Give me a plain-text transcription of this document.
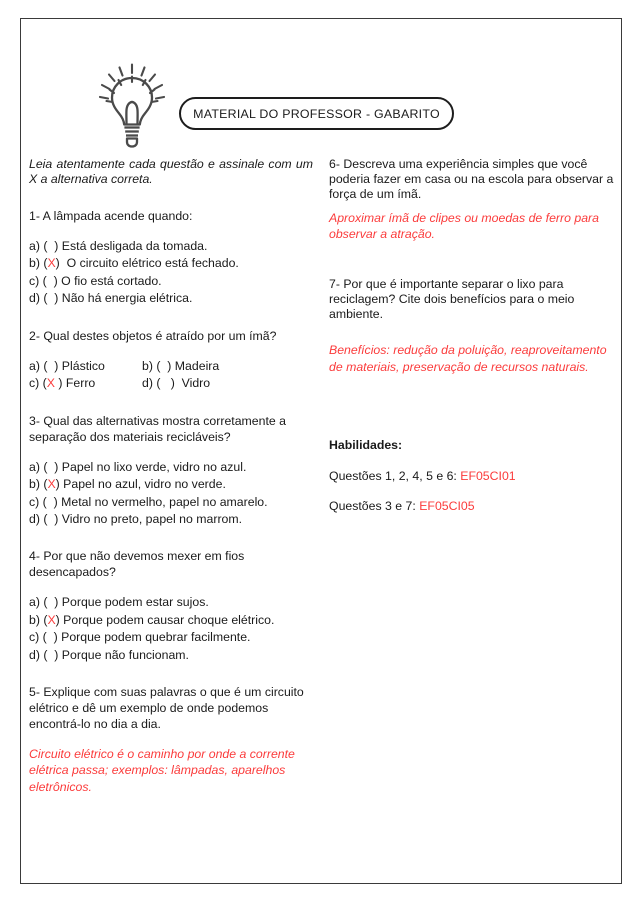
MATERIAL DO PROFESSOR - GABARITO

Leia atentamente cada questão e assinale com um X a alternativa correta.

1- A lâmpada acende quando:

a) ( ) Está desligada da tomada.
b) (X)  O circuito elétrico está fechado.
c) ( ) O fio está cortado.
d) ( ) Não há energia elétrica.

2- Qual destes objetos é atraído por um ímã?

a) ( ) Plástico	b) ( ) Madeira
c) (X ) Ferro	d) ( )  Vidro

3- Qual das alternativas mostra corretamente a separação dos materiais recicláveis?

a) ( ) Papel no lixo verde, vidro no azul.
b) (X) Papel no azul, vidro no verde.
c) ( ) Metal no vermelho, papel no amarelo.
d) ( ) Vidro no preto, papel no marrom.

4- Por que não devemos mexer em fios desencapados?

a) ( ) Porque podem estar sujos.
b) (X) Porque podem causar choque elétrico.
c) ( ) Porque podem quebrar facilmente.
d) ( ) Porque não funcionam.

5- Explique com suas palavras o que é um circuito elétrico e dê um exemplo de onde podemos encontrá-lo no dia a dia.

Circuito elétrico é o caminho por onde a corrente elétrica passa; exemplos: lâmpadas, aparelhos eletrônicos.

6- Descreva uma experiência simples que você poderia fazer em casa ou na escola para observar a força de um ímã.

Aproximar ímã de clipes ou moedas de ferro para observar a atração.

7- Por que é importante separar o lixo para reciclagem? Cite dois benefícios para o meio ambiente.

Benefícios: redução da poluição, reaproveitamento de materiais, preservação de recursos naturais.

Habilidades:

Questões 1, 2, 4, 5 e 6: EF05CI01

Questões 3 e 7: EF05CI05
